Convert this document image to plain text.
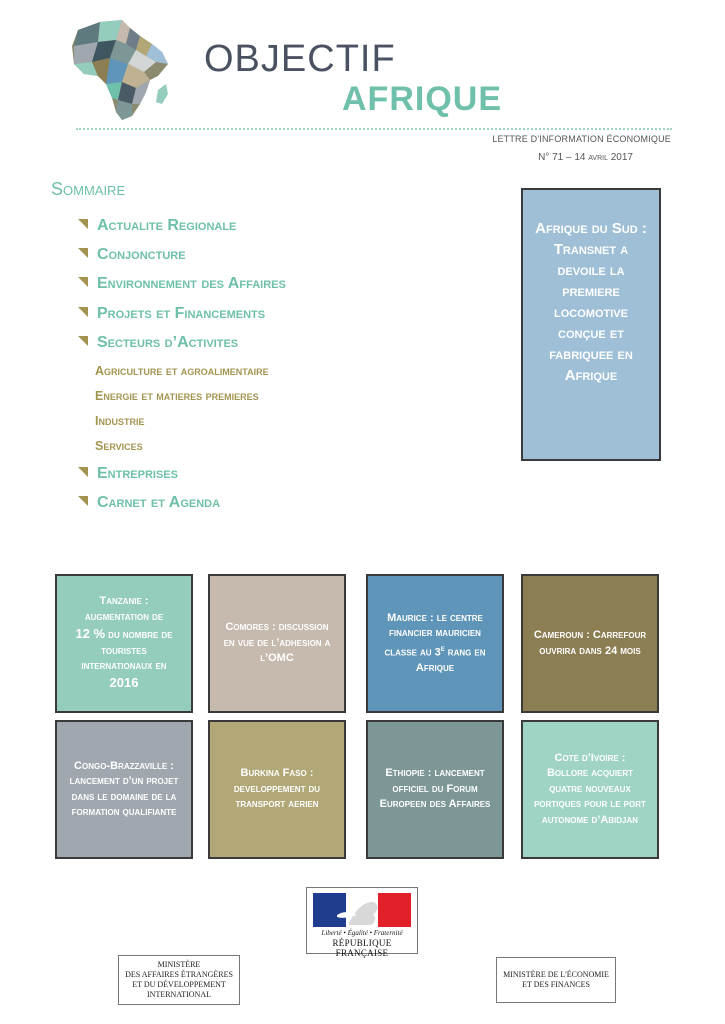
OBJECTIF
AFRIQUE
LETTRE D'INFORMATION ÉCONOMIQUE
N° 71 – 14 avril 2017
Sommaire
Actualite Regionale
Conjoncture
Environnement des Affaires
Projets et Financements
Secteurs d’Activites
Agriculture et agroalimentaire
Energie et matieres premieres
Industrie
Services
Entreprises
Carnet et Agenda
Afrique du Sud : Transnet a devoile la premiere locomotive conçue et fabriquee en Afrique
Tanzanie :
augmentation de
12 % du nombre de touristes internationaux en
2016
Comores : discussion en vue de l’adhesion a l’OMC
Maurice : le centre financier mauricien classe au 3e rang en Afrique
Cameroun : Carrefour ouvrira dans 24 mois
Congo-Brazzaville : lancement d’un projet dans le domaine de la formation qualifiante
Burkina Faso : developpement du transport aerien
Ethiopie : lancement officiel du Forum Europeen des Affaires
Cote d’Ivoire : Bollore acquiert quatre nouveaux portiques pour le port autonome d’Abidjan
Liberté • Égalité • Fraternité
RÉPUBLIQUE FRANÇAISE
MINISTÈRE
DES AFFAIRES ÉTRANGÈRES
ET DU DÉVELOPPEMENT
INTERNATIONAL
MINISTÈRE DE L'ÉCONOMIE
ET DES FINANCES
